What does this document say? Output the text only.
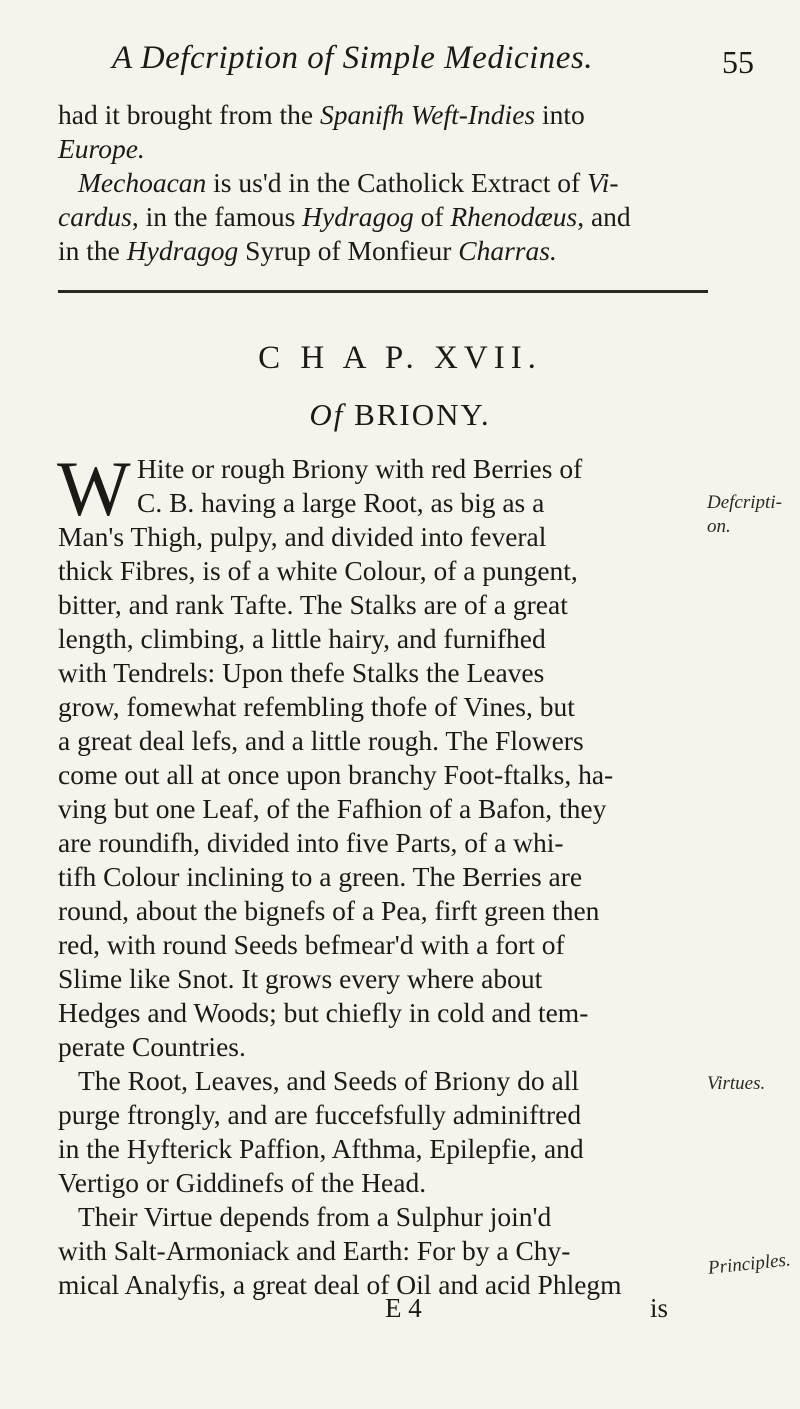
A Defcription of Simple Medicines.	55
had it brought from the Spanifh Weft-Indies into
Europe.
Mechoacan is us'd in the Catholick Extract of Vi-
cardus, in the famous Hydragog of Rhenodæus, and
in the Hydragog Syrup of Monfieur Charras.
C H A P. XVII.
Of BRIONY.
W Hite or rough Briony with red Berries of
C. B. having a large Root, as big as a
Man's Thigh, pulpy, and divided into feveral
thick Fibres, is of a white Colour, of a pungent,
bitter, and rank Tafte. The Stalks are of a great
length, climbing, a little hairy, and furnifhed
with Tendrels: Upon thefe Stalks the Leaves
grow, fomewhat refembling thofe of Vines, but
a great deal lefs, and a little rough. The Flowers
come out all at once upon branchy Foot-ftalks, ha-
ving but one Leaf, of the Fafhion of a Bafon, they
are roundifh, divided into five Parts, of a whi-
tifh Colour inclining to a green. The Berries are
round, about the bignefs of a Pea, firft green then
red, with round Seeds befmear'd with a fort of
Slime like Snot. It grows every where about
Hedges and Woods; but chiefly in cold and tem-
perate Countries.
The Root, Leaves, and Seeds of Briony do all
purge ftrongly, and are fuccefsfully adminiftred
in the Hyfterick Paffion, Afthma, Epilepfie, and
Vertigo or Giddinefs of the Head.
Their Virtue depends from a Sulphur join'd
with Salt-Armoniack and Earth: For by a Chy-
mical Analyfis, a great deal of Oil and acid Phlegm
Defcripti-
on.
Virtues.
Principles.
E 4	is
